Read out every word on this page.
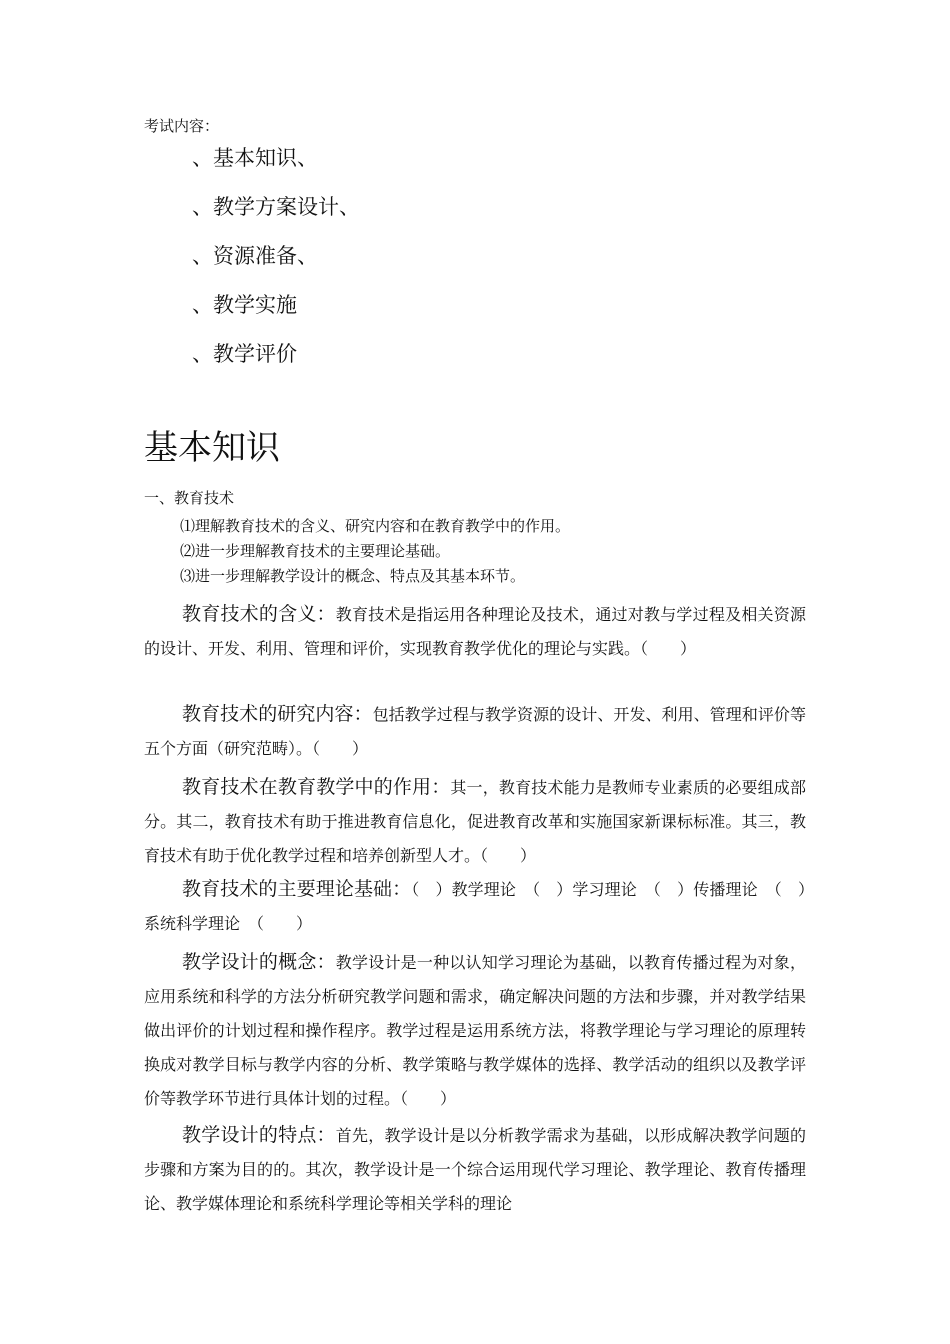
考试内容：
、基本知识、
、教学方案设计、
、资源准备、
、教学实施
、教学评价
基本知识
一、教育技术
⑴理解教育技术的含义、研究内容和在教育教学中的作用。
⑵进一步理解教育技术的主要理论基础。
⑶进一步理解教学设计的概念、特点及其基本环节。

教育技术的含义：教育技术是指运用各种理论及技术，通过对教与学过程及相关资源的设计、开发、利用、管理和评价，实现教育教学优化的理论与实践。（　　）

教育技术的研究内容：包括教学过程与教学资源的设计、开发、利用、管理和评价等五个方面（研究范畴）。（　　）

教育技术在教育教学中的作用：其一，教育技术能力是教师专业素质的必要组成部分。其二，教育技术有助于推进教育信息化，促进教育改革和实施国家新课标标准。其三，教育技术有助于优化教学过程和培养创新型人才。（　　）

教育技术的主要理论基础：（　）教学理论　（　）学习理论　（　）传播理论　（　）系统科学理论　（　　）

教学设计的概念：教学设计是一种以认知学习理论为基础，以教育传播过程为对象，应用系统和科学的方法分析研究教学问题和需求，确定解决问题的方法和步骤，并对教学结果做出评价的计划过程和操作程序。教学过程是运用系统方法，将教学理论与学习理论的原理转换成对教学目标与教学内容的分析、教学策略与教学媒体的选择、教学活动的组织以及教学评价等教学环节进行具体计划的过程。（　　）

教学设计的特点：首先，教学设计是以分析教学需求为基础，以形成解决教学问题的步骤和方案为目的的。其次，教学设计是一个综合运用现代学习理论、教学理论、教育传播理论、教学媒体理论和系统科学理论等相关学科的理论
